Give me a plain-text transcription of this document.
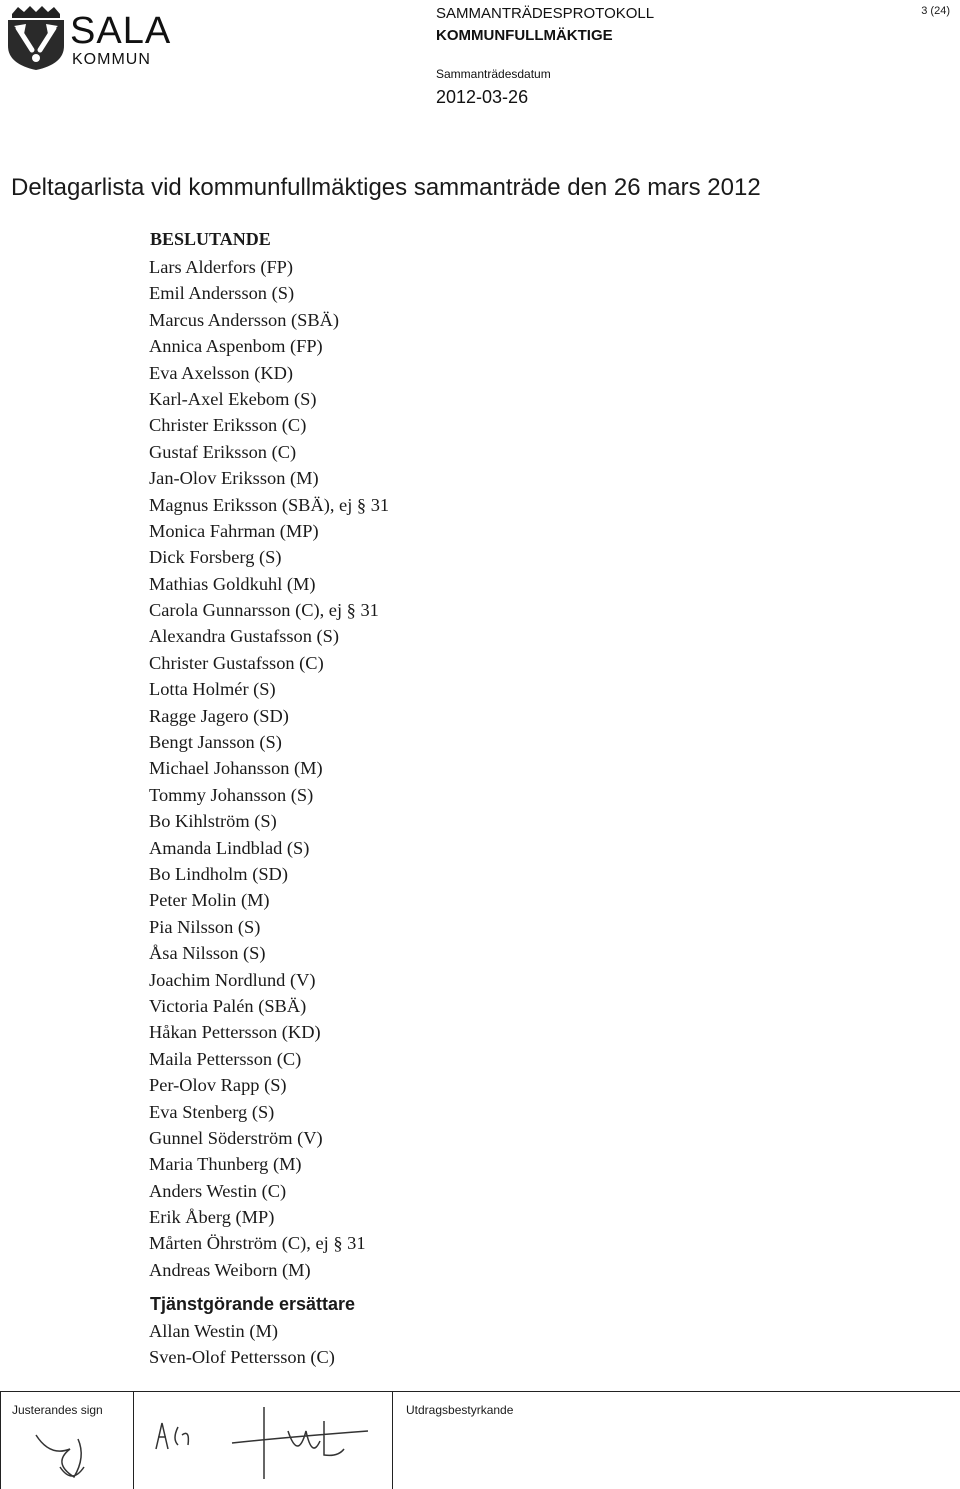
SALA
KOMMUN
SAMMANTRÄDESPROTOKOLL
KOMMUNFULLMÄKTIGE
Sammanträdesdatum
2012-03-26
3 (24)
Deltagarlista vid kommunfullmäktiges sammanträde den 26 mars 2012
BESLUTANDE
Lars Alderfors (FP)
Emil Andersson (S)
Marcus Andersson (SBÄ)
Annica Aspenbom (FP)
Eva Axelsson (KD)
Karl-Axel Ekebom (S)
Christer Eriksson (C)
Gustaf Eriksson (C)
Jan-Olov Eriksson (M)
Magnus Eriksson (SBÄ), ej § 31
Monica Fahrman (MP)
Dick Forsberg (S)
Mathias Goldkuhl (M)
Carola Gunnarsson (C), ej § 31
Alexandra Gustafsson (S)
Christer Gustafsson (C)
Lotta Holmér (S)
Ragge Jagero (SD)
Bengt Jansson (S)
Michael Johansson (M)
Tommy Johansson (S)
Bo Kihlström (S)
Amanda Lindblad (S)
Bo Lindholm (SD)
Peter Molin (M)
Pia Nilsson (S)
Åsa Nilsson (S)
Joachim Nordlund (V)
Victoria Palén (SBÄ)
Håkan Pettersson (KD)
Maila Pettersson (C)
Per-Olov Rapp (S)
Eva Stenberg (S)
Gunnel Söderström (V)
Maria Thunberg (M)
Anders Westin (C)
Erik Åberg (MP)
Mårten Öhrström (C), ej § 31
Andreas Weiborn (M)
Tjänstgörande ersättare
Allan Westin (M)
Sven-Olof Pettersson (C)
Justerandes sign	Utdragsbestyrkande
